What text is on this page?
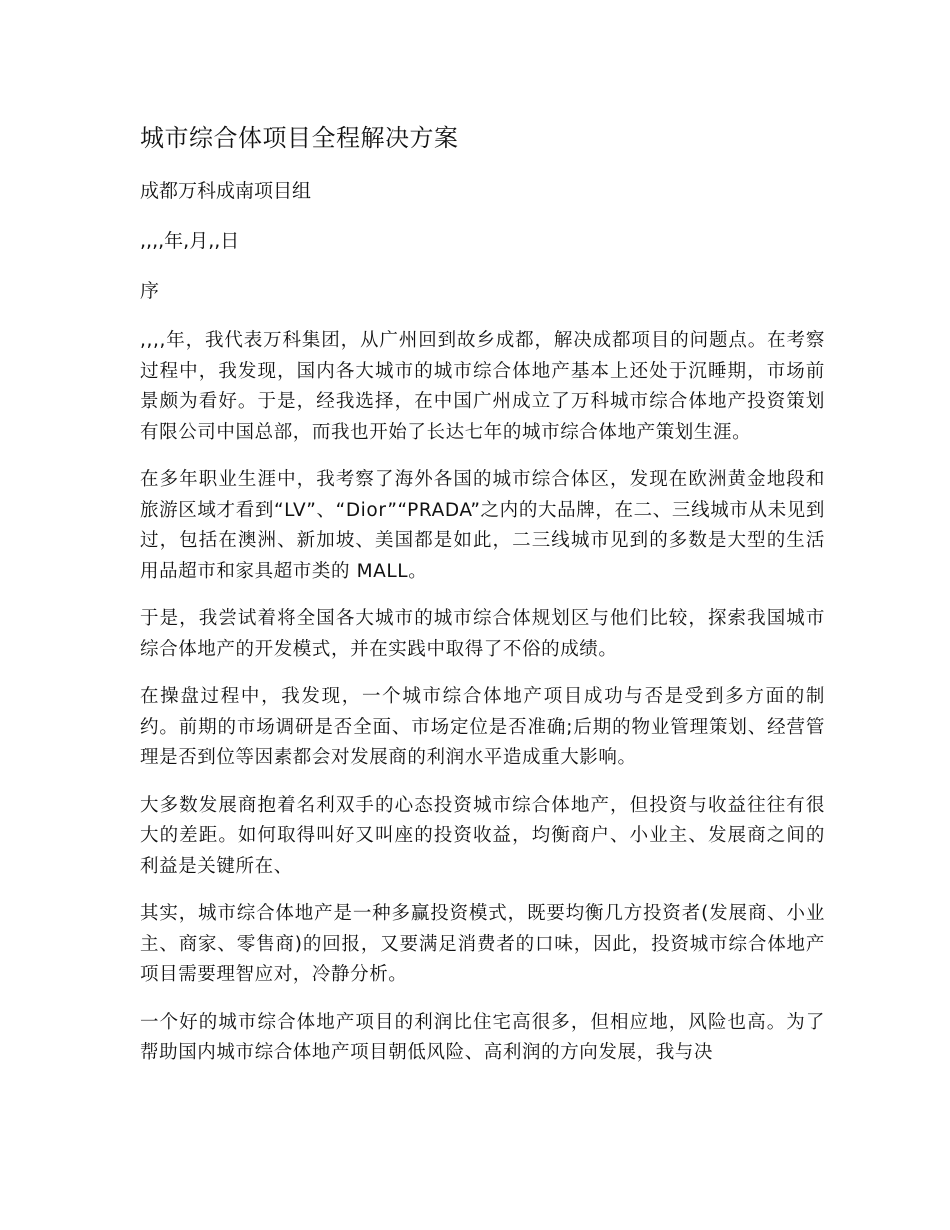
城市综合体项目全程解决方案

成都万科成南项目组

,,,,年,月,,日

序

,,,,年，我代表万科集团，从广州回到故乡成都，解决成都项目的问题点。在考察过程中，我发现，国内各大城市的城市综合体地产基本上还处于沉睡期，市场前景颇为看好。于是，经我选择，在中国广州成立了万科城市综合体地产投资策划有限公司中国总部，而我也开始了长达七年的城市综合体地产策划生涯。

在多年职业生涯中，我考察了海外各国的城市综合体区，发现在欧洲黄金地段和旅游区域才看到“LV”、“Dior”“PRADA”之内的大品牌，在二、三线城市从未见到过，包括在澳洲、新加坡、美国都是如此，二三线城市见到的多数是大型的生活用品超市和家具超市类的 MALL。

于是，我尝试着将全国各大城市的城市综合体规划区与他们比较，探索我国城市综合体地产的开发模式，并在实践中取得了不俗的成绩。

在操盘过程中，我发现，一个城市综合体地产项目成功与否是受到多方面的制约。前期的市场调研是否全面、市场定位是否准确;后期的物业管理策划、经营管理是否到位等因素都会对发展商的利润水平造成重大影响。

大多数发展商抱着名利双手的心态投资城市综合体地产，但投资与收益往往有很大的差距。如何取得叫好又叫座的投资收益，均衡商户、小业主、发展商之间的利益是关键所在、

其实，城市综合体地产是一种多赢投资模式，既要均衡几方投资者(发展商、小业主、商家、零售商)的回报，又要满足消费者的口味，因此，投资城市综合体地产项目需要理智应对，冷静分析。

一个好的城市综合体地产项目的利润比住宅高很多，但相应地，风险也高。为了帮助国内城市综合体地产项目朝低风险、高利润的方向发展，我与决
